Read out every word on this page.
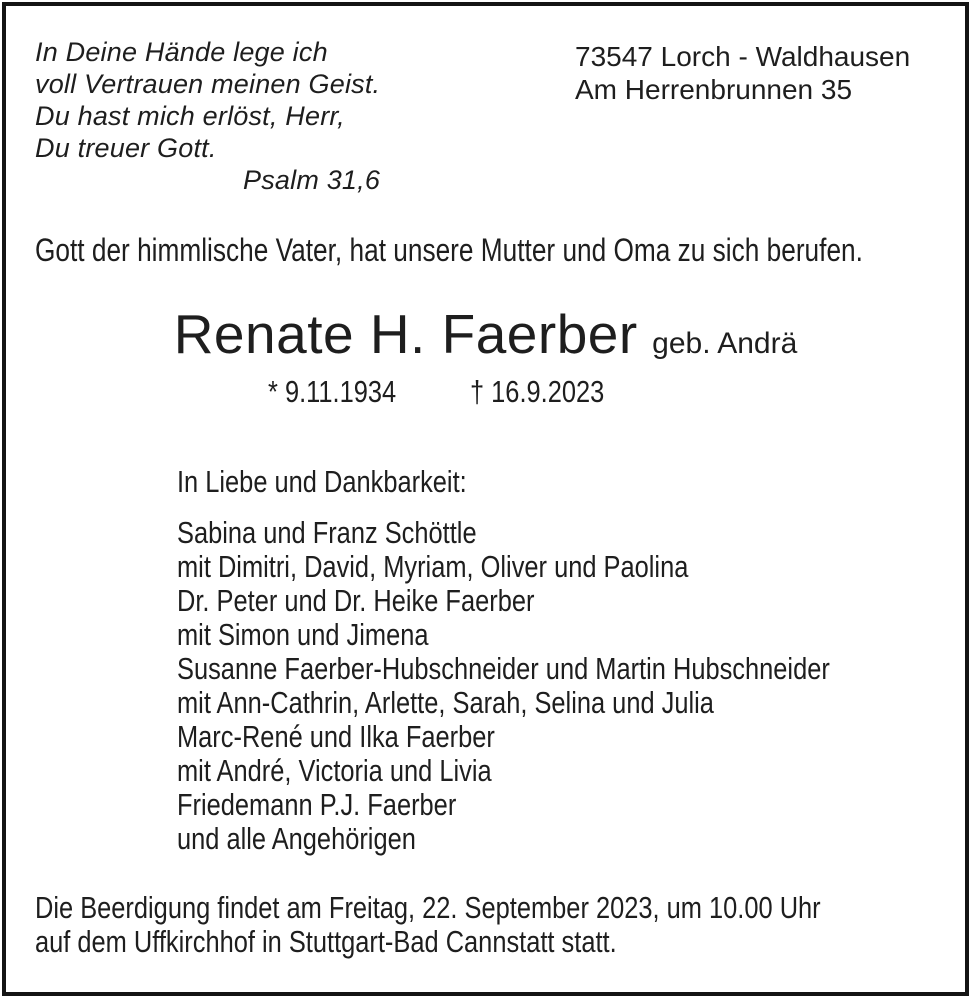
In Deine Hände lege ich
voll Vertrauen meinen Geist.
Du hast mich erlöst, Herr,
Du treuer Gott.
Psalm 31,6
73547 Lorch - Waldhausen
Am Herrenbrunnen 35
Gott der himmlische Vater, hat unsere Mutter und Oma zu sich berufen.
Renate H. Faerber geb. Andrä
* 9.11.1934 † 16.9.2023
In Liebe und Dankbarkeit:
Sabina und Franz Schöttle
mit Dimitri, David, Myriam, Oliver und Paolina
Dr. Peter und Dr. Heike Faerber
mit Simon und Jimena
Susanne Faerber-Hubschneider und Martin Hubschneider
mit Ann-Cathrin, Arlette, Sarah, Selina und Julia
Marc-René und Ilka Faerber
mit André, Victoria und Livia
Friedemann P.J. Faerber
und alle Angehörigen
Die Beerdigung findet am Freitag, 22. September 2023, um 10.00 Uhr
auf dem Uffkirchhof in Stuttgart-Bad Cannstatt statt.
